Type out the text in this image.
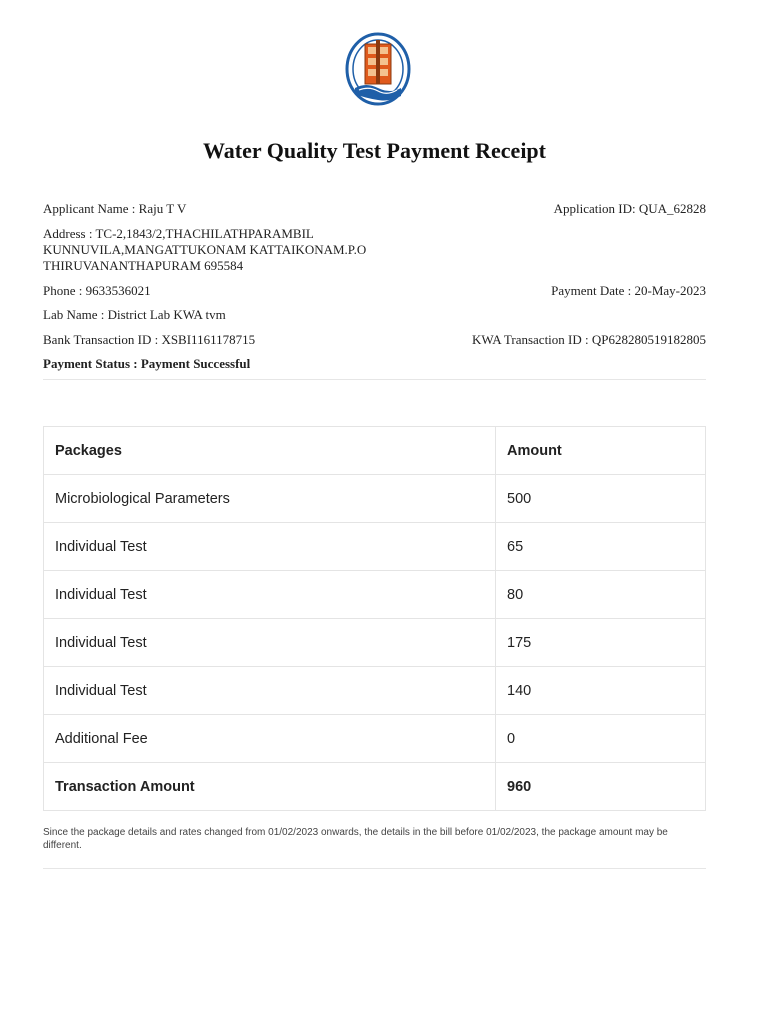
Water Quality Test Payment Receipt
Applicant Name : Raju T V	Application ID: QUA_62828
Address : TC-2,1843/2,THACHILATHPARAMBIL
KUNNUVILA,MANGATTUKONAM KATTAIKONAM.P.O
THIRUVANANTHAPURAM 695584
Phone : 9633536021	Payment Date : 20-May-2023
Lab Name : District Lab KWA tvm
Bank Transaction ID : XSBI1161178715	KWA Transaction ID : QP628280519182805
Payment Status : Payment Successful
Packages	Amount
Microbiological Parameters	500
Individual Test	65
Individual Test	80
Individual Test	175
Individual Test	140
Additional Fee	0
Transaction Amount	960
Since the package details and rates changed from 01/02/2023 onwards, the details in the bill before 01/02/2023, the package amount may be different.
